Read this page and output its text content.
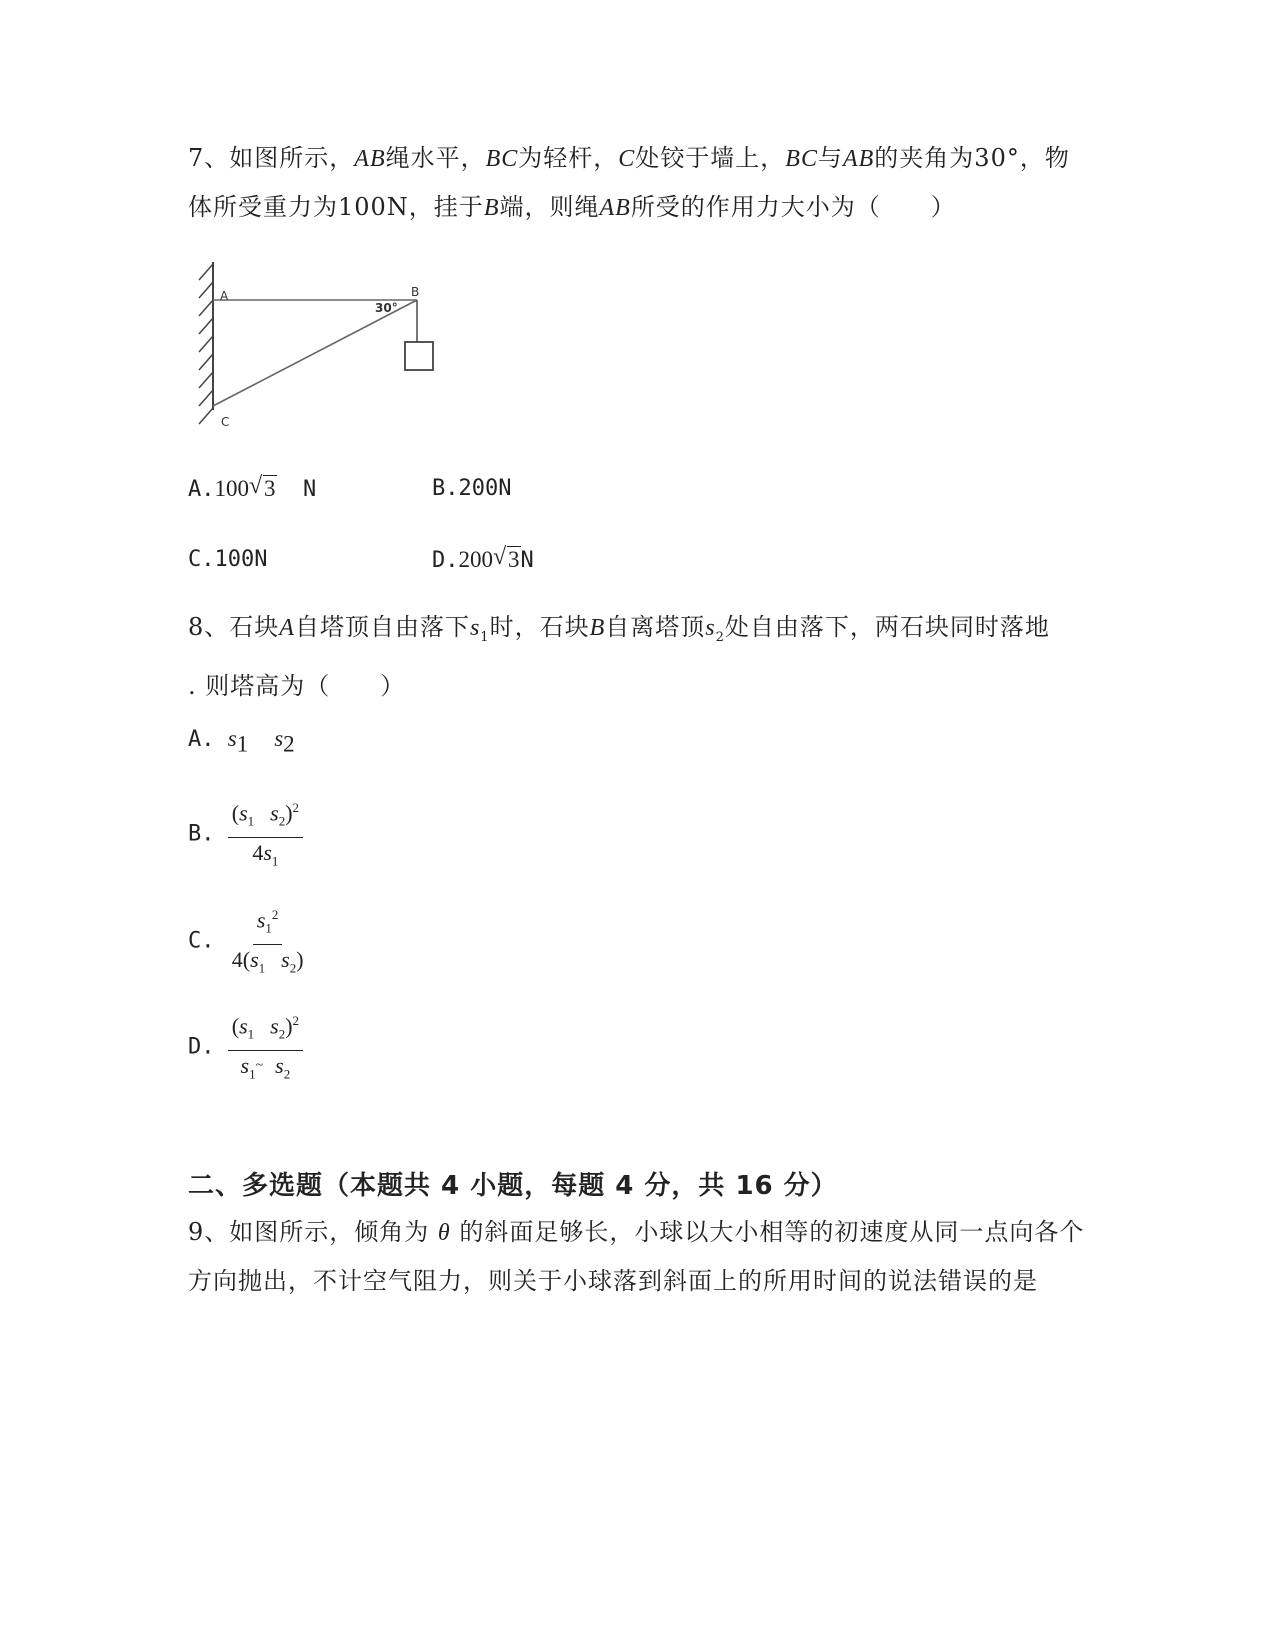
7、如图所示，AB绳水平，BC为轻杆，C处铰于墙上，BC与AB的夹角为30°，物
体所受重力为100N，挂于B端，则绳AB所受的作用力大小为（　　）
A	B
C
30°
A.100 √ 3 N	B.200N
C.100N	D.200 √ 3N
8、石块A自塔顶自由落下$s_1$时，石块B自离塔顶$s_2$处自由落下，两石块同时落地
. 则塔高为（　　）
A. $s_1$ $s_2$
B. $\frac{(s_1 s_2)^2}{4s_1}$
C. $\frac{s_1^2}{4(s_1 s_2)}$
D. $\frac{(s_1 s_2)^2}{s_1^\sim s_2}$
二、多选题（本题共 4 小题，每题 4 分，共 16 分）
9、如图所示，倾角为 θ 的斜面足够长，小球以大小相等的初速度从同一点向各个
方向抛出，不计空气阻力，则关于小球落到斜面上的所用时间的说法错误的是
